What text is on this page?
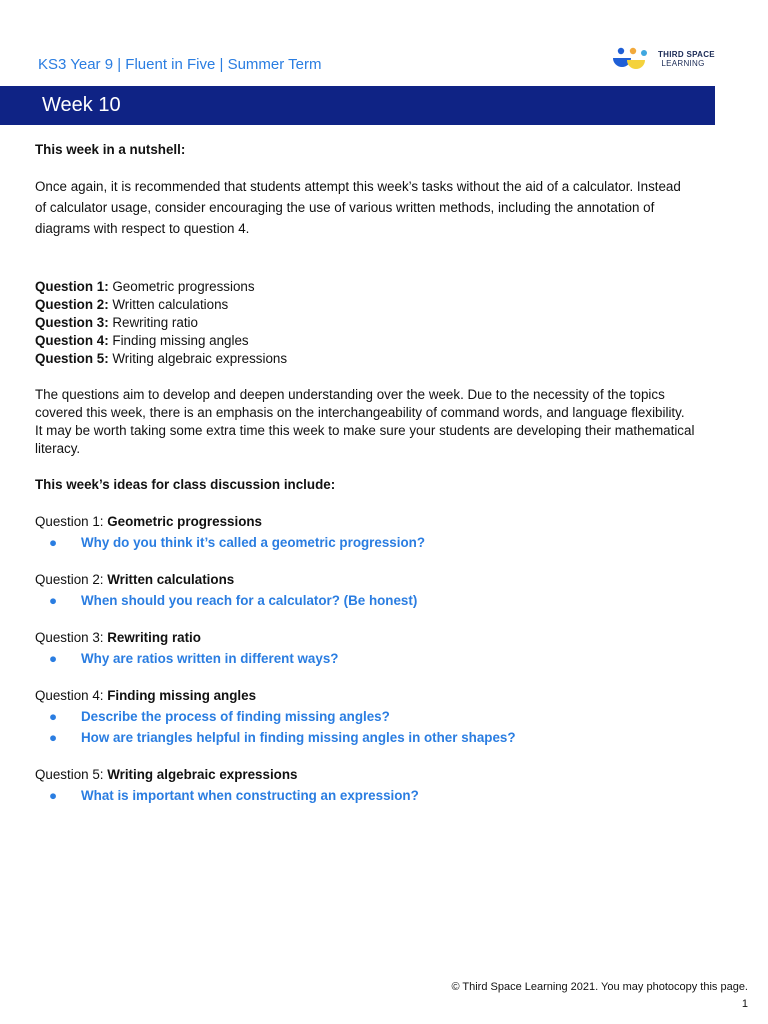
KS3 Year 9 | Fluent in Five | Summer Term
THIRD SPACE
LEARNING
Week 10

This week in a nutshell:

Once again, it is recommended that students attempt this week’s tasks without the aid of a calculator. Instead of calculator usage, consider encouraging the use of various written methods, including the annotation of diagrams with respect to question 4.

Question 1: Geometric progressions

Question 2: Written calculations

Question 3: Rewriting ratio

Question 4: Finding missing angles

Question 5: Writing algebraic expressions

The questions aim to develop and deepen understanding over the week. Due to the necessity of the topics covered this week, there is an emphasis on the interchangeability of command words, and language flexibility. It may be worth taking some extra time this week to make sure your students are developing their mathematical literacy.

This week’s ideas for class discussion include:

Question 1: Geometric progressions

● Why do you think it’s called a geometric progression?

Question 2: Written calculations

● When should you reach for a calculator? (Be honest)

Question 3: Rewriting ratio

● Why are ratios written in different ways?

Question 4: Finding missing angles

● Describe the process of finding missing angles?
● How are triangles helpful in finding missing angles in other shapes?

Question 5: Writing algebraic expressions

● What is important when constructing an expression?
© Third Space Learning 2021. You may photocopy this page.
1
